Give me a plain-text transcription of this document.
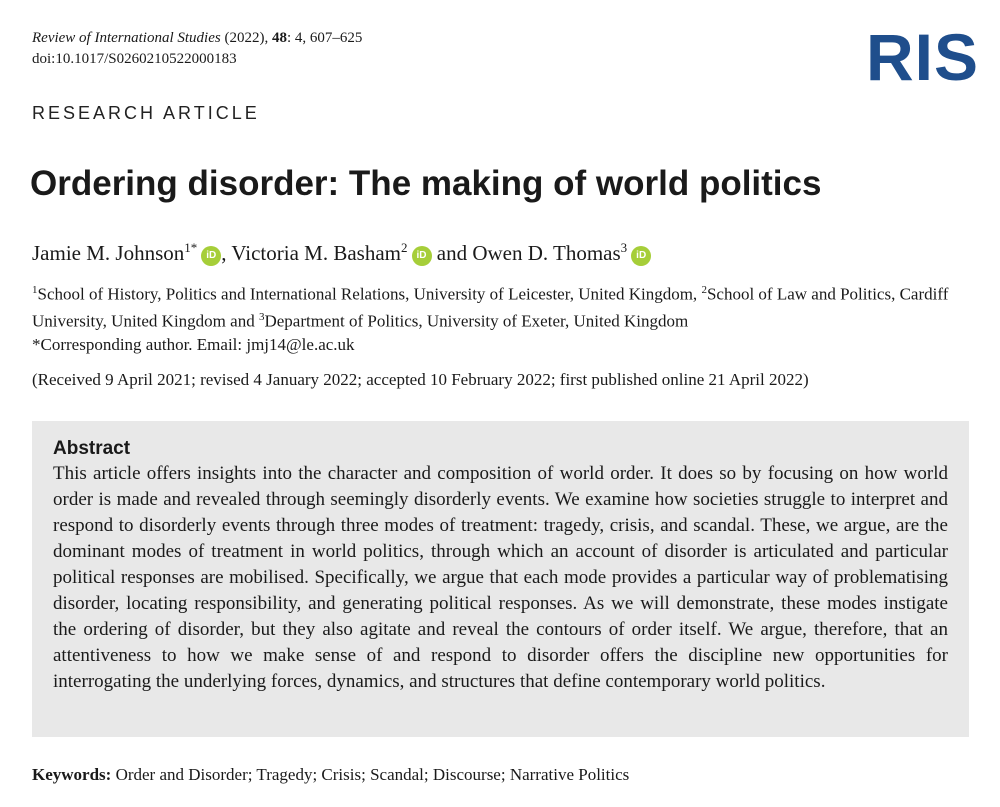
Review of International Studies (2022), 48: 4, 607–625
doi:10.1017/S0260210522000183	RIS
RESEARCH ARTICLE
Ordering disorder: The making of world politics
Jamie M. Johnson$^{1*}$iD , Victoria M. Basham$^2$iD and Owen D. Thomas$^3$iD
$^1$School of History, Politics and International Relations, University of Leicester, United Kingdom, $^2$School of Law and Politics, Cardiff University, United Kingdom and $^3$Department of Politics, University of Exeter, United Kingdom
*Corresponding author. Email: jmj14@le.ac.uk
(Received 9 April 2021; revised 4 January 2022; accepted 10 February 2022; first published online 21 April 2022)
Abstract

This article offers insights into the character and composition of world order. It does so by focusing on how world order is made and revealed through seemingly disorderly events. We examine how societies struggle to interpret and respond to disorderly events through three modes of treatment: tragedy, crisis, and scandal. These, we argue, are the dominant modes of treatment in world politics, through which an account of disorder is articulated and particular political responses are mobilised. Specifically, we argue that each mode provides a particular way of problematising disorder, locating responsibility, and generating political responses. As we will demonstrate, these modes instigate the ordering of disorder, but they also agitate and reveal the contours of order itself. We argue, therefore, that an attentiveness to how we make sense of and respond to disorder offers the discipline new opportunities for interrogating the underlying forces, dynamics, and structures that define contemporary world politics.

Keywords: Order and Disorder; Tragedy; Crisis; Scandal; Discourse; Narrative Politics
